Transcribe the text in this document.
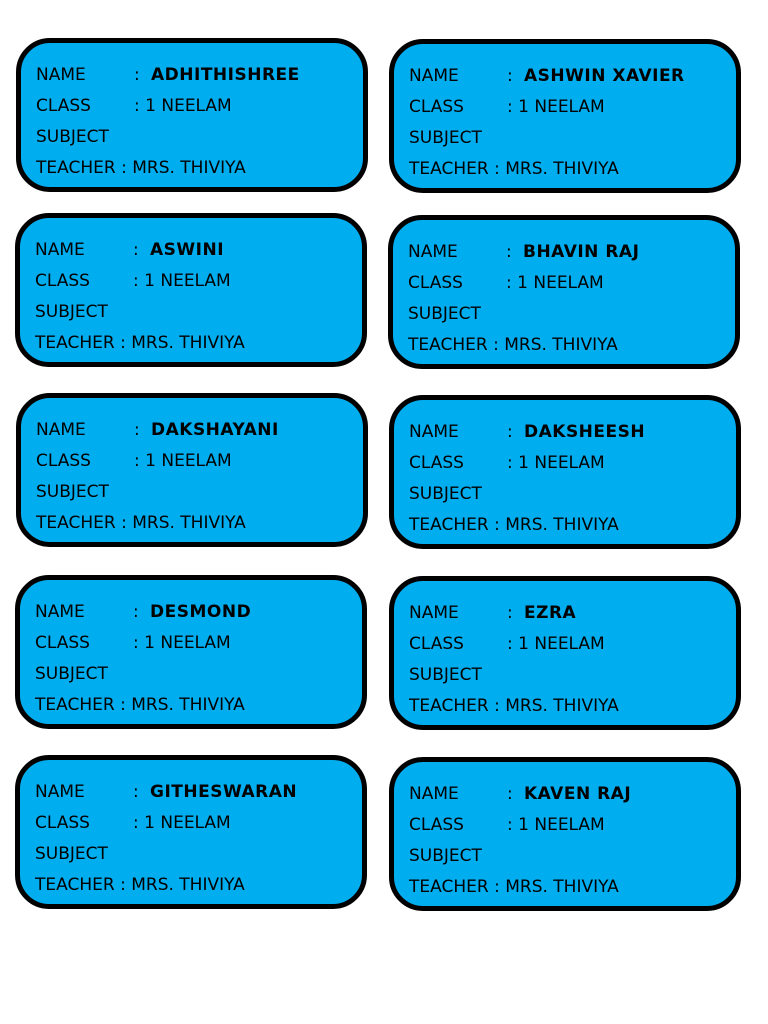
NAME	: ADHITHISHREE
CLASS	: 1 NEELAM
SUBJECT
TEACHER : MRS. THIVIYA
NAME	: ASHWIN XAVIER
CLASS	: 1 NEELAM
SUBJECT
TEACHER : MRS. THIVIYA
NAME	: ASWINI
CLASS	: 1 NEELAM
SUBJECT
TEACHER : MRS. THIVIYA
NAME	: BHAVIN RAJ
CLASS	: 1 NEELAM
SUBJECT
TEACHER : MRS. THIVIYA
NAME	: DAKSHAYANI
CLASS	: 1 NEELAM
SUBJECT
TEACHER : MRS. THIVIYA
NAME	: DAKSHEESH
CLASS	: 1 NEELAM
SUBJECT
TEACHER : MRS. THIVIYA
NAME	: DESMOND
CLASS	: 1 NEELAM
SUBJECT
TEACHER : MRS. THIVIYA
NAME	: EZRA
CLASS	: 1 NEELAM
SUBJECT
TEACHER : MRS. THIVIYA
NAME	: GITHESWARAN
CLASS	: 1 NEELAM
SUBJECT
TEACHER : MRS. THIVIYA
NAME	: KAVEN RAJ
CLASS	: 1 NEELAM
SUBJECT
TEACHER : MRS. THIVIYA
